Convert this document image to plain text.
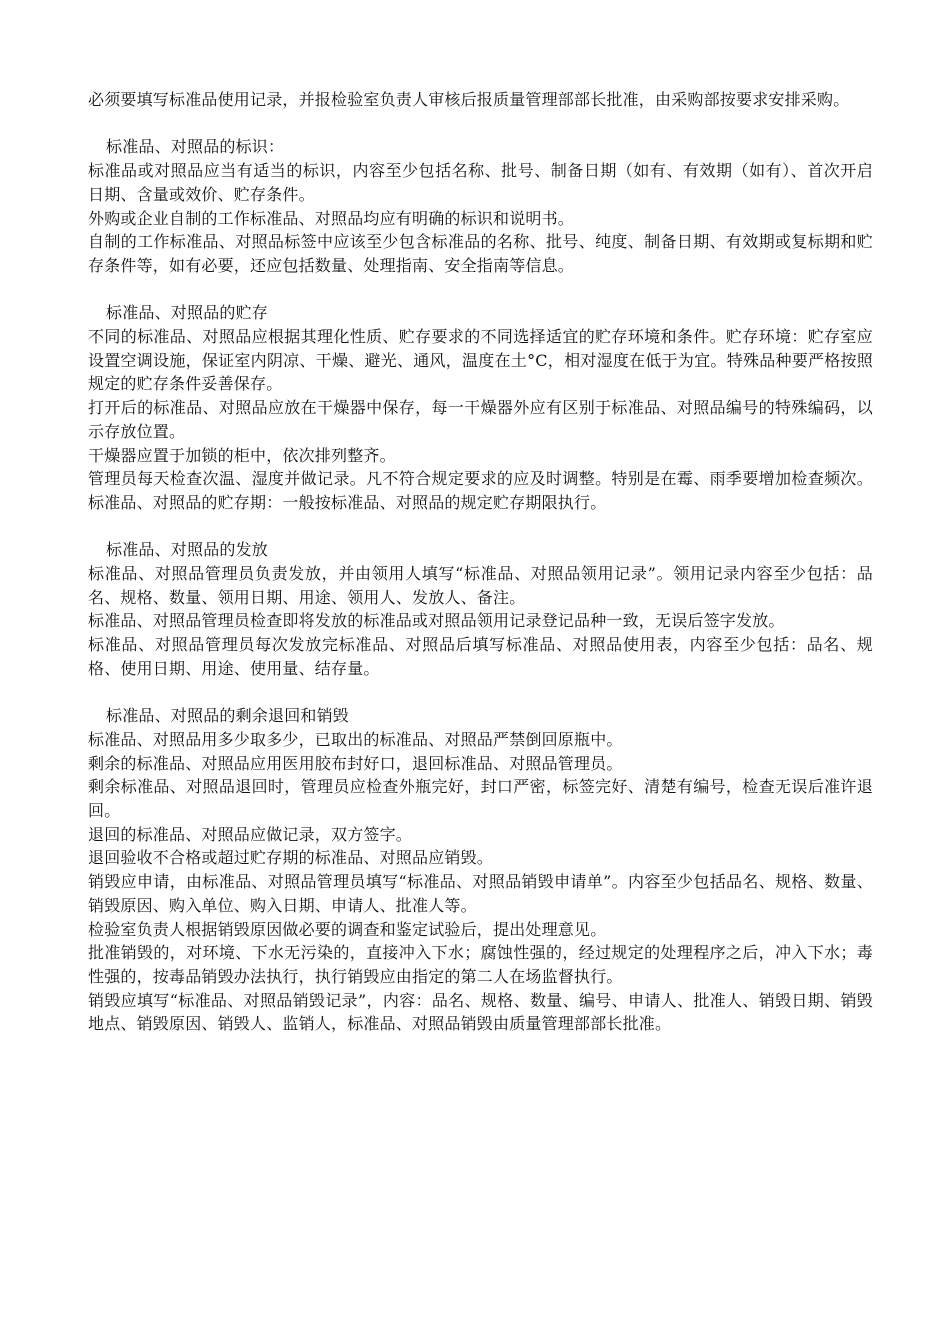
必须要填写标准品使用记录，并报检验室负责人审核后报质量管理部部长批准，由采购部按要求安排采购。

标准品、对照品的标识：

标准品或对照品应当有适当的标识，内容至少包括名称、批号、制备日期（如有、有效期（如有）、首次开启日期、含量或效价、贮存条件。

外购或企业自制的工作标准品、对照品均应有明确的标识和说明书。

自制的工作标准品、对照品标签中应该至少包含标准品的名称、批号、纯度、制备日期、有效期或复标期和贮存条件等，如有必要，还应包括数量、处理指南、安全指南等信息。

标准品、对照品的贮存

不同的标准品、对照品应根据其理化性质、贮存要求的不同选择适宜的贮存环境和条件。贮存环境：贮存室应设置空调设施，保证室内阴凉、干燥、避光、通风，温度在土°C，相对湿度在低于为宜。特殊品种要严格按照规定的贮存条件妥善保存。

打开后的标准品、对照品应放在干燥器中保存，每一干燥器外应有区别于标准品、对照品编号的特殊编码，以示存放位置。

干燥器应置于加锁的柜中，依次排列整齐。

管理员每天检查次温、湿度并做记录。凡不符合规定要求的应及时调整。特别是在霉、雨季要增加检查频次。标准品、对照品的贮存期：一般按标准品、对照品的规定贮存期限执行。

标准品、对照品的发放

标准品、对照品管理员负责发放，并由领用人填写“标准品、对照品领用记录”。领用记录内容至少包括：品名、规格、数量、领用日期、用途、领用人、发放人、备注。

标准品、对照品管理员检查即将发放的标准品或对照品领用记录登记品种一致，无误后签字发放。

标准品、对照品管理员每次发放完标准品、对照品后填写标准品、对照品使用表，内容至少包括：品名、规格、使用日期、用途、使用量、结存量。

标准品、对照品的剩余退回和销毁

标准品、对照品用多少取多少，已取出的标准品、对照品严禁倒回原瓶中。

剩余的标准品、对照品应用医用胶布封好口，退回标准品、对照品管理员。

剩余标准品、对照品退回时，管理员应检查外瓶完好，封口严密，标签完好、清楚有编号，检查无误后准许退回。

退回的标准品、对照品应做记录，双方签字。

退回验收不合格或超过贮存期的标准品、对照品应销毁。

销毁应申请，由标准品、对照品管理员填写“标准品、对照品销毁申请单”。内容至少包括品名、规格、数量、销毁原因、购入单位、购入日期、申请人、批准人等。

检验室负责人根据销毁原因做必要的调查和鉴定试验后，提出处理意见。

批准销毁的，对环境、下水无污染的，直接冲入下水；腐蚀性强的，经过规定的处理程序之后，冲入下水；毒性强的，按毒品销毁办法执行，执行销毁应由指定的第二人在场监督执行。

销毁应填写“标准品、对照品销毁记录”，内容：品名、规格、数量、编号、申请人、批准人、销毁日期、销毁地点、销毁原因、销毁人、监销人，标准品、对照品销毁由质量管理部部长批准。
